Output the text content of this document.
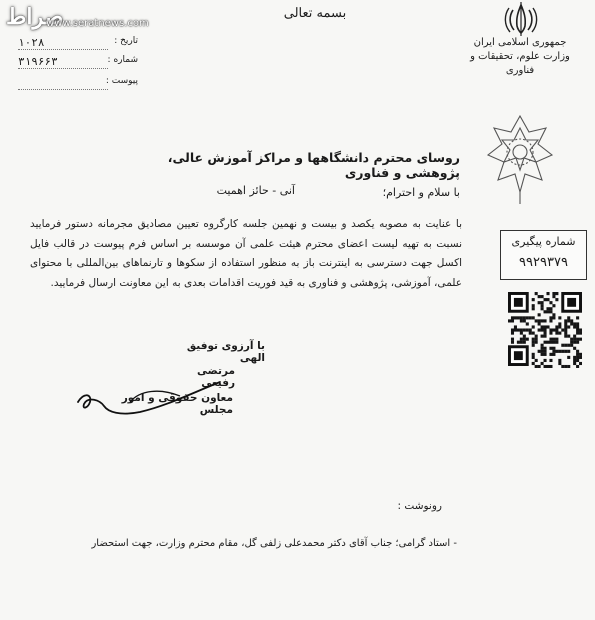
صراط
www.seratnews.com
بسمه تعالی
۱۰۲۸	تاریخ :
۳۱۹۶۶۳	شماره :
پیوست :
جمهوری اسلامی ایران
وزارت علوم، تحقیقات و فناوری
روسای محترم دانشگاهها و مراکز آموزش عالی، پژوهشی و فناوری
با سلام و احترام؛
آنی - حائز اهمیت
با عنایت به مصوبه یکصد و بیست و نهمین جلسه کارگروه تعیین مصادیق مجرمانه دستور فرمایید نسبت به تهیه لیست اعضای محترم هیئت علمی آن موسسه بر اساس فرم پیوست در قالب فایل اکسل جهت دسترسی به اینترنت باز به منظور استفاده از سکوها و تارنماهای بین‌المللی با محتوای علمی، آموزشی، پژوهشی و فناوری به قید فوریت اقدامات بعدی به این معاونت ارسال فرمایید.
با آرزوی توفیق الهی
مرتضی رفیعی
معاون حقوقی و امور مجلس
رونوشت :
- استاد گرامی؛ جناب آقای دکتر محمدعلی زلفی گل، مقام محترم وزارت، جهت استحضار
شماره پیگیری
۹۹۲۹۳۷۹
